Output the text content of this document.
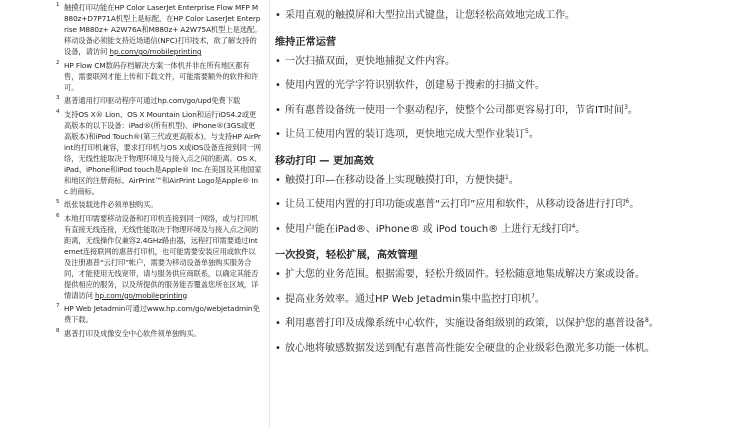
1 触摸打印功能在HP Color LaserJet Enterprise Flow MFP M880z+D7P71A机型上是标配，在HP Color LaserJet Enterprise M880z+ A2W76A和M880z+ A2W75A机型上是选配。移动设备必须能支持近场通信(NFC)打印技术，欲了解支持的设备，请访问 hp.com/go/mobileprinting
2 HP Flow CM数码存档解决方案一体机并非在所有地区都有售，需要联网才能上传和下载文件，可能需要额外的软件和许可。
3 惠普通用打印驱动程序可通过hp.com/go/upd免费下载
4 支持OS X® Lion、OS X Mountain Lion和运行iOS4.2或更高版本的以下设备：iPad®(所有机型)、iPhone®(3GS或更高版本)和iPod Touch®(第三代或更高版本)。与支持HP AirPrint的打印机兼容，要求打印机与OS X或iOS设备连接到同一网络，无线性能取决于物理环境及与接入点之间的距离。OS X、iPad、iPhone和iPod touch是Apple® Inc.在美国及其他国家和地区的注册商标。AirPrint™和AirPrint Logo是Apple® Inc.的商标。
5 纸张装载选件必须单独购买。
6 本地打印需要移动设备和打印机连接到同一网络，或与打印机有直接无线连接，无线性能取决于物理环境及与接入点之间的距离，无线操作仅兼容2.4GHz路由器，远程打印需要通过Internet连接联网的惠普打印机，也可能需要安装应用或软件以及注册惠普“云打印”帐户，需要为移动设备单独购买服务合同，才能使用无线宽带，请与服务供应商联系，以确定其能否提供相应的服务，以及所提供的服务能否覆盖您所在区域，详情请访问 hp.com/go/mobileprinting
7 HP Web Jetadmin可通过www.hp.com/go/webjetadmin免费下载。
8 惠普打印及成像安全中心软件须单独购买。
• 采用直观的触摸屏和大型拉出式键盘，让您轻松高效地完成工作。
维持正常运营
• 一次扫描双面，更快地捕捉文件内容。
• 使用内置的光学字符识别软件，创建易于搜索的扫描文件。
• 所有惠普设备统一使用一个驱动程序，使整个公司都更容易打印，节省IT时间$^3$。
• 让员工使用内置的装订选项，更快地完成大型作业装订$^5$。
移动打印 — 更加高效
• 触摸打印—在移动设备上实现触摸打印，方便快捷$^1$。
• 让员工使用内置的打印功能或惠普“云打印”应用和软件，从移动设备进行打印$^6$。
• 使用户能在iPad®、iPhone® 或 iPod touch® 上进行无线打印$^4$。
一次投资，轻松扩展，高效管理
• 扩大您的业务范围。根据需要，轻松升级固件。轻松随意地集成解决方案或设备。
• 提高业务效率。通过HP Web Jetadmin集中监控打印机$^7$。
• 利用惠普打印及成像系统中心软件，实施设备组级别的政策，以保护您的惠普设备$^8$。
• 放心地将敏感数据发送到配有惠普高性能安全硬盘的企业级彩色激光多功能一体机。
